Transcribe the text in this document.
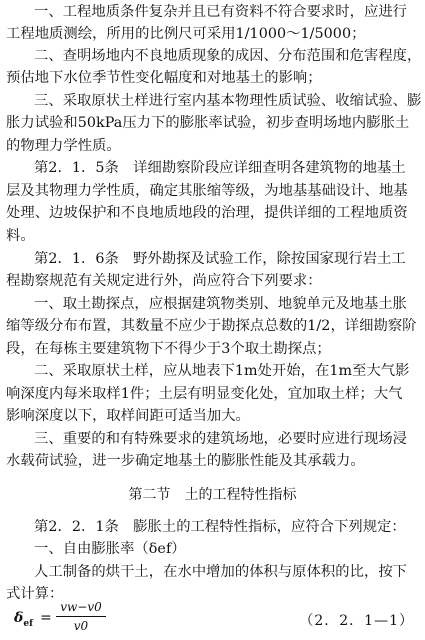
一、工程地质条件复杂并且已有资料不符合要求时，应进行
工程地质测绘，所用的比例尺可采用1/1000～1/5000；
二、查明场地内不良地质现象的成因、分布范围和危害程度，
预估地下水位季节性变化幅度和对地基土的影响；
三、采取原状土样进行室内基本物理性质试验、收缩试验、膨
胀力试验和50kPa压力下的膨胀率试验，初步查明场地内膨胀土
的物理力学性质。
第2．1．5条　详细勘察阶段应详细查明各建筑物的地基土
层及其物理力学性质，确定其胀缩等级，为地基基础设计、地基
处理、边坡保护和不良地质地段的治理，提供详细的工程地质资
料。
第2．1．6条　野外勘探及试验工作，除按国家现行岩土工
程勘察规范有关规定进行外，尚应符合下列要求：
一、取土勘探点，应根据建筑物类别、地貌单元及地基土胀
缩等级分布布置，其数量不应少于勘探点总数的1/2，详细勘察阶
段，在每栋主要建筑物下不得少于3个取土勘探点；
二、采取原状土样，应从地表下1m处开始，在1m至大气影
响深度内每米取样1件；土层有明显变化处，宜加取土样；大气
影响深度以下，取样间距可适当加大。
三、重要的和有特殊要求的建筑场地，必要时应进行现场浸
水载荷试验，进一步确定地基土的膨胀性能及其承载力。
第二节　土的工程特性指标
第2．2．1条　膨胀土的工程特性指标，应符合下列规定：
一、自由膨胀率（δef）
人工制备的烘干土，在水中增加的体积与原体积的比，按下
式计算：
$\delta_{ef}$ =
vw−v0
v0	（2．2．1—1）
